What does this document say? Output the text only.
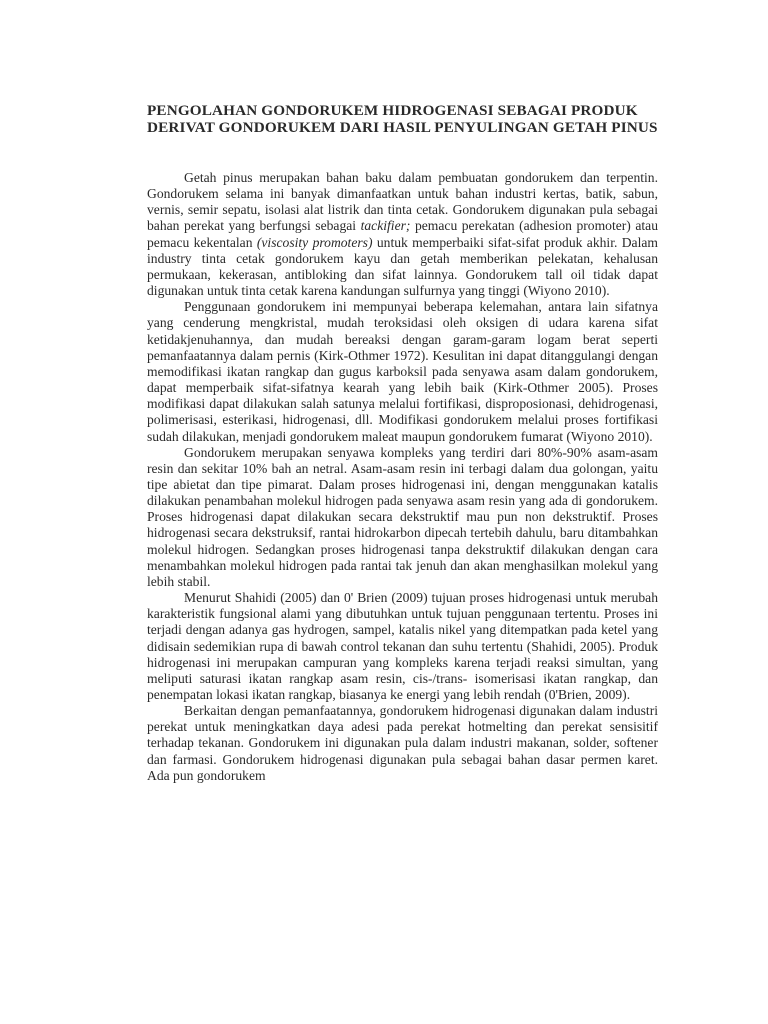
PENGOLAHAN GONDORUKEM HIDROGENASI SEBAGAI PRODUK DERIVAT GONDORUKEM DARI HASIL PENYULINGAN GETAH PINUS

Getah pinus merupakan bahan baku dalam pembuatan gondorukem dan terpentin. Gondorukem selama ini banyak dimanfaatkan untuk bahan industri kertas, batik, sabun, vernis, semir sepatu, isolasi alat listrik dan tinta cetak. Gondorukem digunakan pula sebagai bahan perekat yang berfungsi sebagai tackifier; pemacu perekatan (adhesion promoter) atau pemacu kekentalan (viscosity promoters) untuk memperbaiki sifat-sifat produk akhir. Dalam industry tinta cetak gondorukem kayu dan getah memberikan pelekatan, kehalusan permukaan, kekerasan, antibloking dan sifat lainnya. Gondorukem tall oil tidak dapat digunakan untuk tinta cetak karena kandungan sulfurnya yang tinggi (Wiyono 2010).

Penggunaan gondorukem ini mempunyai beberapa kelemahan, antara lain sifatnya yang cenderung mengkristal, mudah teroksidasi oleh oksigen di udara karena sifat ketidakjenuhannya, dan mudah bereaksi dengan garam-garam logam berat seperti pemanfaatannya dalam pernis (Kirk-Othmer 1972). Kesulitan ini dapat ditanggulangi dengan memodifikasi ikatan rangkap dan gugus karboksil pada senyawa asam dalam gondorukem, dapat memperbaik sifat-sifatnya kearah yang lebih baik (Kirk-Othmer 2005). Proses modifikasi dapat dilakukan salah satunya melalui fortifikasi, disproposionasi, dehidrogenasi, polimerisasi, esterikasi, hidrogenasi, dll. Modifikasi gondorukem melalui proses fortifikasi sudah dilakukan, menjadi gondorukem maleat maupun gondorukem fumarat (Wiyono 2010).

Gondorukem merupakan senyawa kompleks yang terdiri dari 80%-90% asam-asam resin dan sekitar 10% bah an netral. Asam-asam resin ini terbagi dalam dua golongan, yaitu tipe abietat dan tipe pimarat. Dalam proses hidrogenasi ini, dengan menggunakan katalis dilakukan penambahan molekul hidrogen pada senyawa asam resin yang ada di gondorukem. Proses hidrogenasi dapat dilakukan secara dekstruktif mau pun non dekstruktif. Proses hidrogenasi secara dekstruksif, rantai hidrokarbon dipecah tertebih dahulu, baru ditambahkan molekul hidrogen. Sedangkan proses hidrogenasi tanpa dekstruktif dilakukan dengan cara menambahkan molekul hidrogen pada rantai tak jenuh dan akan menghasilkan molekul yang lebih stabil.

Menurut Shahidi (2005) dan 0' Brien (2009) tujuan proses hidrogenasi untuk merubah karakteristik fungsional alami yang dibutuhkan untuk tujuan penggunaan tertentu. Proses ini terjadi dengan adanya gas hydrogen, sampel, katalis nikel yang ditempatkan pada ketel yang didisain sedemikian rupa di bawah control tekanan dan suhu tertentu (Shahidi, 2005). Produk hidrogenasi ini merupakan campuran yang kompleks karena terjadi reaksi simultan, yang meliputi saturasi ikatan rangkap asam resin, cis-/trans- isomerisasi ikatan rangkap, dan penempatan lokasi ikatan rangkap, biasanya ke energi yang lebih rendah (0'Brien, 2009).

Berkaitan dengan pemanfaatannya, gondorukem hidrogenasi digunakan dalam industri perekat untuk meningkatkan daya adesi pada perekat hotmelting dan perekat sensisitif terhadap tekanan. Gondorukem ini digunakan pula dalam industri makanan, solder, softener dan farmasi. Gondorukem hidrogenasi digunakan pula sebagai bahan dasar permen karet. Ada pun gondorukem
